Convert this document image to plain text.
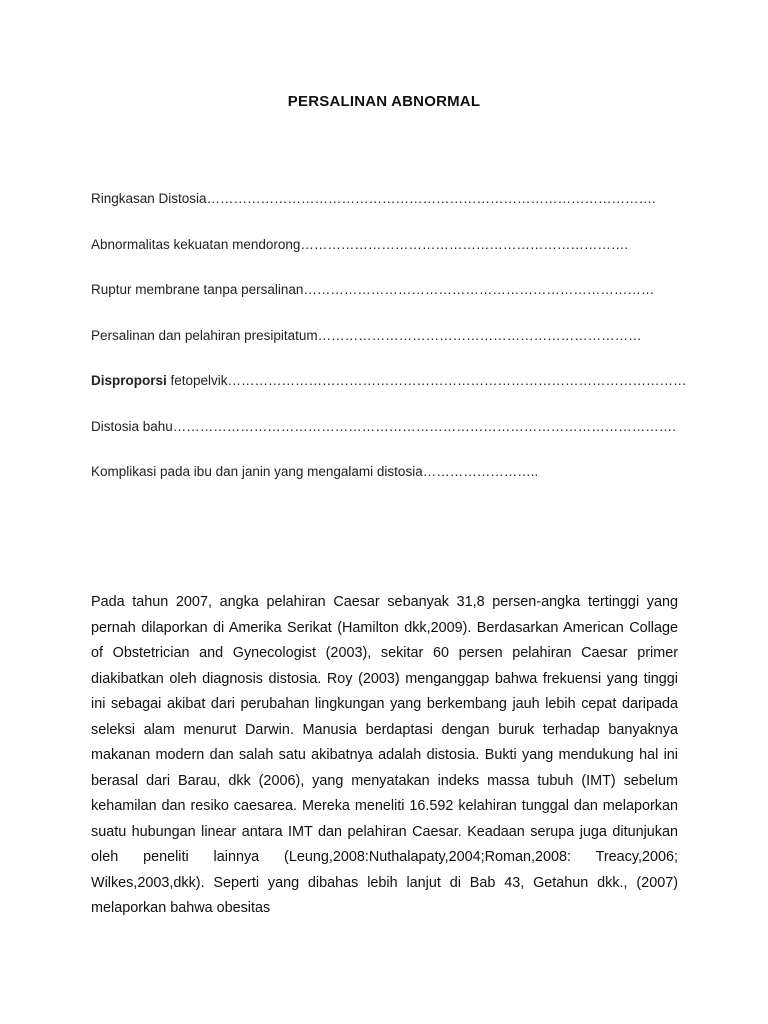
PERSALINAN ABNORMAL
Ringkasan Distosia……………………………………………………………………………………….
Abnormalitas kekuatan mendorong……………………………………………………………….
Ruptur membrane tanpa persalinan……………………………………………………………………
Persalinan dan pelahiran presipitatum………………………………………………………………
Disproporsi fetopelvik…………………………………………………………………………………………
Distosia bahu………………………………………………………………………………………………….
Komplikasi pada ibu dan janin yang mengalami distosia……………………..

Pada tahun 2007, angka pelahiran Caesar sebanyak 31,8 persen-angka tertinggi yang pernah dilaporkan di Amerika Serikat (Hamilton dkk,2009). Berdasarkan American Collage of Obstetrician and Gynecologist (2003), sekitar 60 persen pelahiran Caesar primer diakibatkan oleh diagnosis distosia. Roy (2003) menganggap bahwa frekuensi yang tinggi ini sebagai akibat dari perubahan lingkungan yang berkembang jauh lebih cepat daripada seleksi alam menurut Darwin. Manusia berdaptasi dengan buruk terhadap banyaknya makanan modern dan salah satu akibatnya adalah distosia. Bukti yang mendukung hal ini berasal dari Barau, dkk (2006), yang menyatakan indeks massa tubuh (IMT) sebelum kehamilan dan resiko caesarea. Mereka meneliti 16.592 kelahiran tunggal dan melaporkan suatu hubungan linear antara IMT dan pelahiran Caesar. Keadaan serupa juga ditunjukan oleh peneliti lainnya (Leung,2008:Nuthalapaty,2004;Roman,2008: Treacy,2006; Wilkes,2003,dkk). Seperti yang dibahas lebih lanjut di Bab 43, Getahun dkk., (2007) melaporkan bahwa obesitas
